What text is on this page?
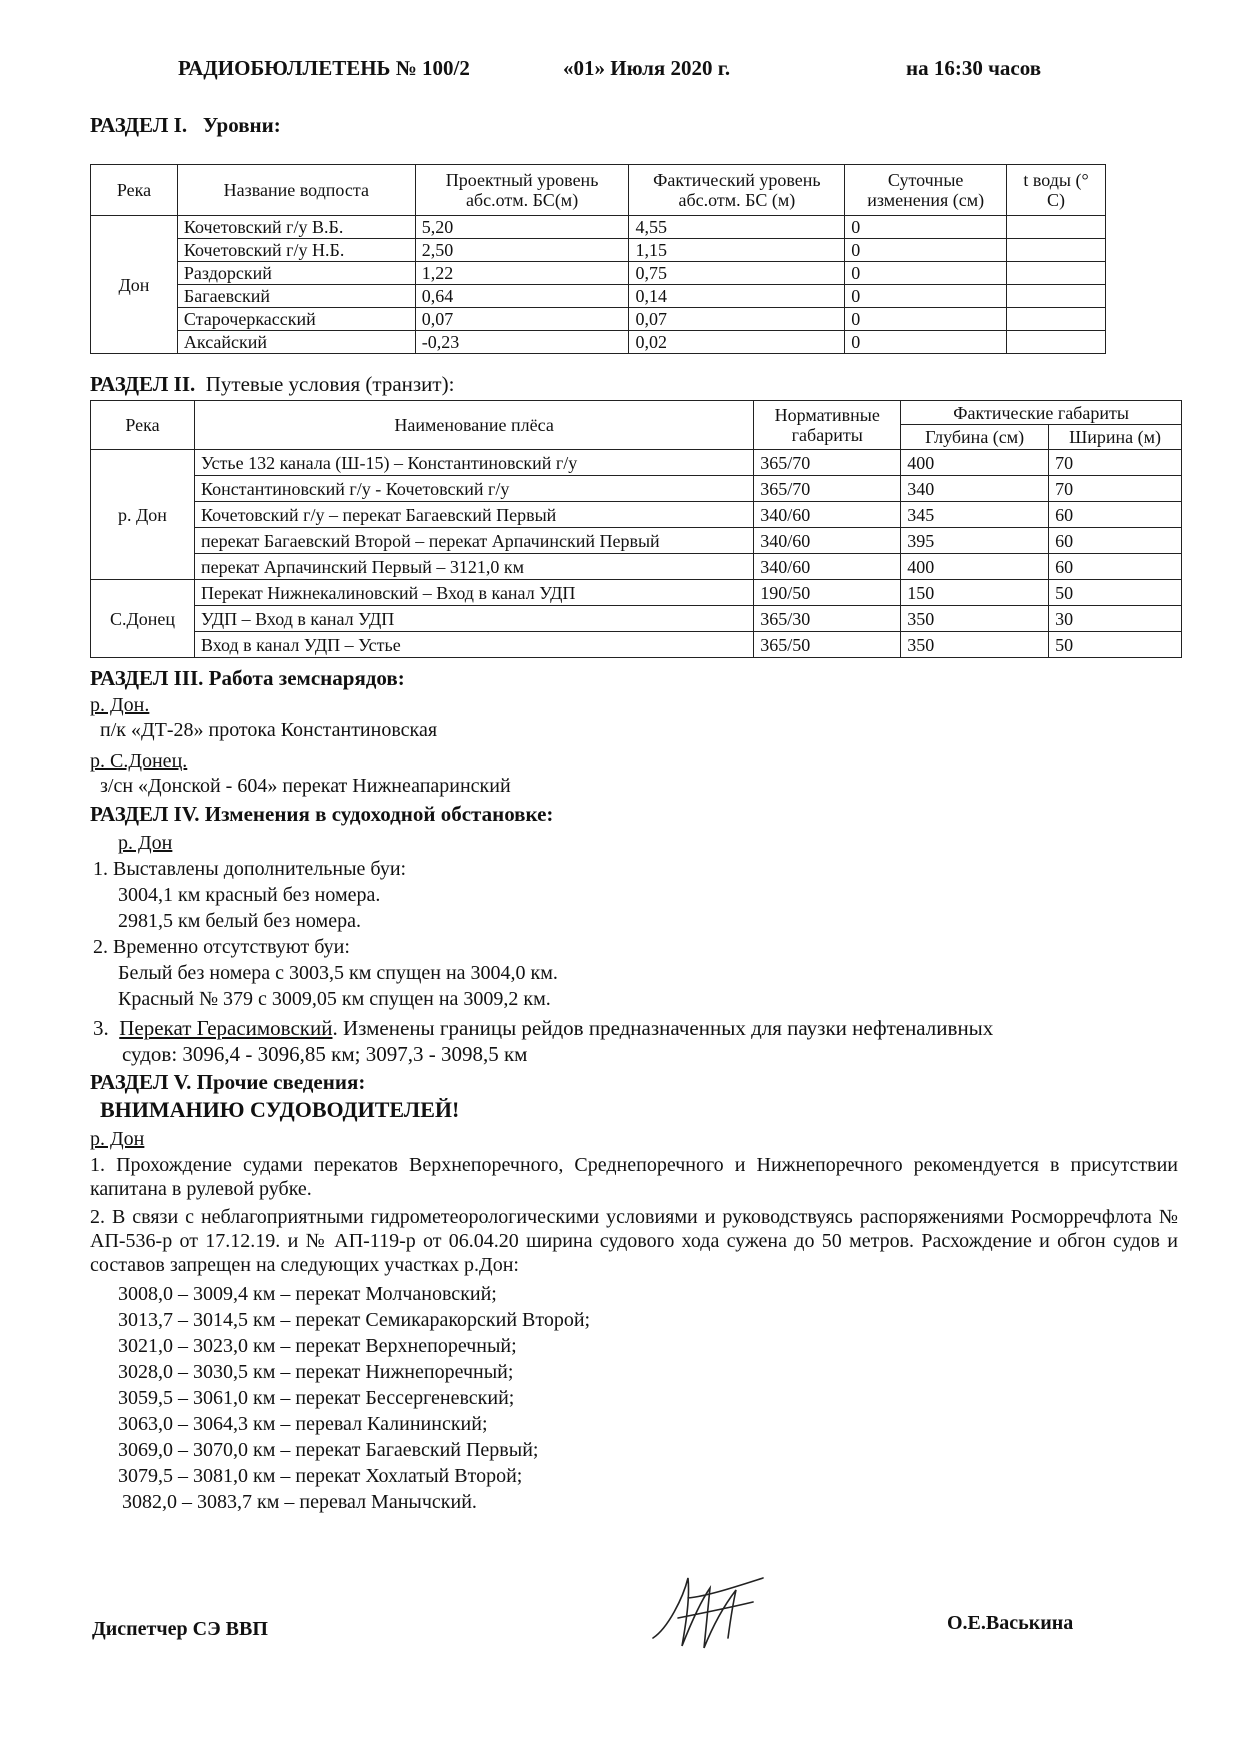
РАДИОБЮЛЛЕТЕНЬ № 100/2	«01» Июля 2020 г.	на 16:30 часов
РАЗДЕЛ I. Уровни:
Река	Название водпоста	Проектный уровень абс.отм. БС(м)	Фактический уровень абс.отм. БС (м)	Суточные изменения (см)	t воды (° С)
Дон	Кочетовский г/у В.Б.	5,20	4,55	0	
	Кочетовский г/у Н.Б.	2,50	1,15	0	
	Раздорский	1,22	0,75	0	
	Багаевский	0,64	0,14	0	
	Старочеркасский	0,07	0,07	0	
	Аксайский	-0,23	0,02	0	
РАЗДЕЛ II. Путевые условия (транзит):
Река	Наименование плёса	Нормативные габариты	Фактические габариты	
			Глубина (см)	Ширина (м)
р. Дон	Устье 132 канала (Ш-15) – Константиновский г/у	365/70	400	70
	Константиновский г/у - Кочетовский г/у	365/70	340	70
	Кочетовский г/у – перекат Багаевский Первый	340/60	345	60
	перекат Багаевский Второй – перекат Арпачинский Первый	340/60	395	60
	перекат Арпачинский Первый – 3121,0 км	340/60	400	60
С.Донец	Перекат Нижнекалиновский – Вход в канал УДП	190/50	150	50
	УДП – Вход в канал УДП	365/30	350	30
	Вход в канал УДП – Устье	365/50	350	50
РАЗДЕЛ III. Работа земснарядов:
р. Дон.
п/к «ДТ-28» протока Константиновская
р. С.Донец.
з/сн «Донской - 604» перекат Нижнеапаринский
РАЗДЕЛ IV. Изменения в судоходной обстановке:
р. Дон
1. Выставлены дополнительные буи:
3004,1 км красный без номера.
2981,5 км белый без номера.
2. Временно отсутствуют буи:
Белый без номера с 3003,5 км спущен на 3004,0 км.
Красный № 379 с 3009,05 км спущен на 3009,2 км.
3. Перекат Герасимовский. Изменены границы рейдов предназначенных для паузки нефтеналивных
судов: 3096,4 - 3096,85 км; 3097,3 - 3098,5 км
РАЗДЕЛ V. Прочие сведения:
ВНИМАНИЮ СУДОВОДИТЕЛЕЙ!
р. Дон
1. Прохождение судами перекатов Верхнепоречного, Среднепоречного и Нижнепоречного рекомендуется в присутствии капитана в рулевой рубке.
2. В связи с неблагоприятными гидрометеорологическими условиями и руководствуясь распоряжениями Росморречфлота № АП-536-р от 17.12.19. и № АП-119-р от 06.04.20 ширина судового хода сужена до 50 метров. Расхождение и обгон судов и составов запрещен на следующих участках р.Дон:
3008,0 – 3009,4 км – перекат Молчановский;
3013,7 – 3014,5 км – перекат Семикаракорский Второй;
3021,0 – 3023,0 км – перекат Верхнепоречный;
3028,0 – 3030,5 км – перекат Нижнепоречный;
3059,5 – 3061,0 км – перекат Бессергеневский;
3063,0 – 3064,3 км – перевал Калининский;
3069,0 – 3070,0 км – перекат Багаевский Первый;
3079,5 – 3081,0 км – перекат Хохлатый Второй;
3082,0 – 3083,7 км – перевал Манычский.
Диспетчер СЭ ВВП	О.Е.Васькина
